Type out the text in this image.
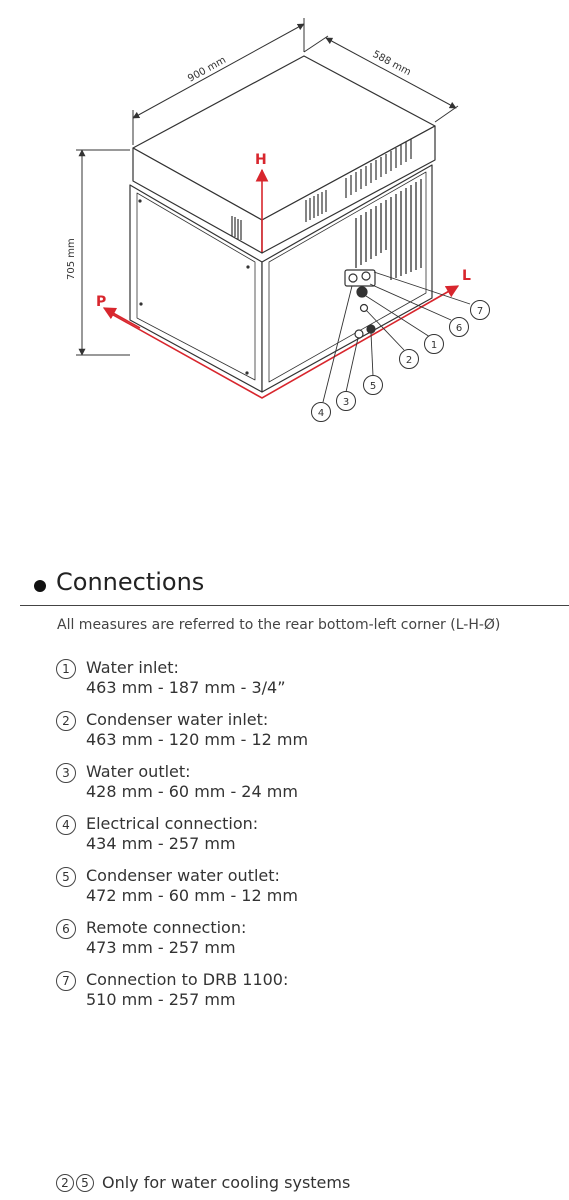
H
L
P
900 mm	588 mm
705 mm
1
2
3
4
5
6
7
Connections
All measures are referred to the rear bottom-left corner (L-H-Ø)
1	Water inlet:
463 mm - 187 mm - 3/4”
2	Condenser water inlet:
463 mm - 120 mm - 12 mm
3	Water outlet:
428 mm - 60 mm - 24 mm
4	Electrical connection:
434 mm - 257 mm
5	Condenser water outlet:
472 mm - 60 mm - 12 mm
6	Remote connection:
473 mm - 257 mm
7	Connection to DRB 1100:
510 mm - 257 mm
2 5 Only for water cooling systems
